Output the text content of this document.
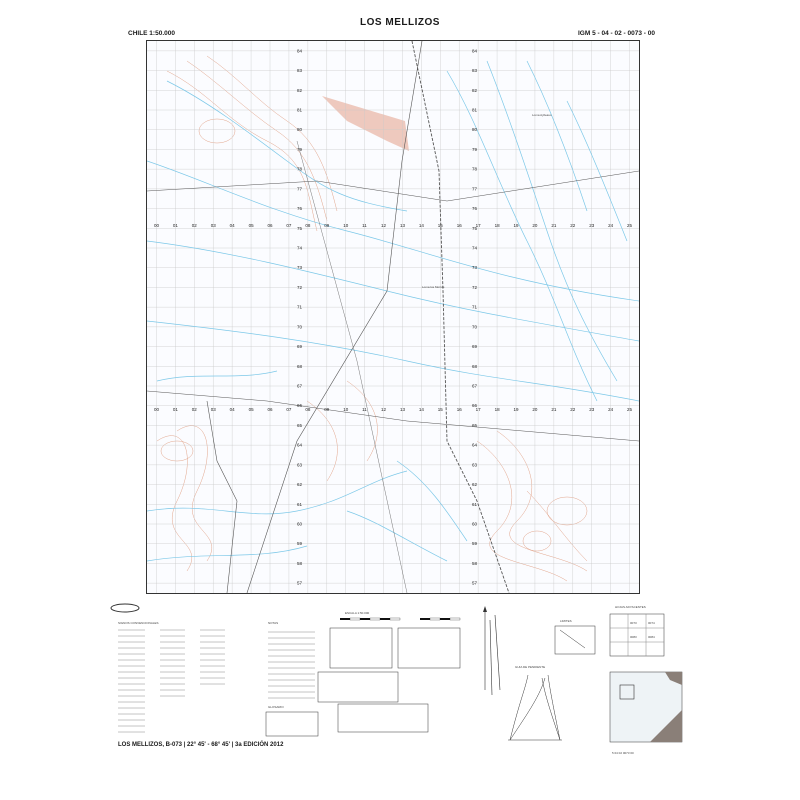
LOS MELLIZOS
CHILE 1:50.000	IGM 5 - 04 - 02 - 0073 - 00
00
00
01
01
02
02
03
03
04
04
05
05
06
06
07
07
08
08
09
09
10
10
11
11
12
12
13
13
14
14
15
15
16
16
17
17
18
18
19
19
20
20
21
21
22
22
23
23
24
24
25
25
84	84
83	83
82	82
81	81
80	80
79	79
78	78
77	77
76	76
75	75
74	74
73	73
72	72
71	71
70	70
69	69
68	68
67	67
66	66
65	65
64	64
63	63
62	62
61	61
60	60
59	59
58	58
57	57
Loma Aylleaso
Loma los Morros
SIGNOS CONVENCIONALES	NOTAS
ESCALA 1:50.000
GLOSARIO
GUIA DE PENDIENTE
LIMITES
HOJAS ADYACENTES
0073	0074
0083	0084
5 04 02 0073 00
LOS MELLIZOS, B-073 | 22° 45' - 68° 45' | 3a EDICIÓN 2012
